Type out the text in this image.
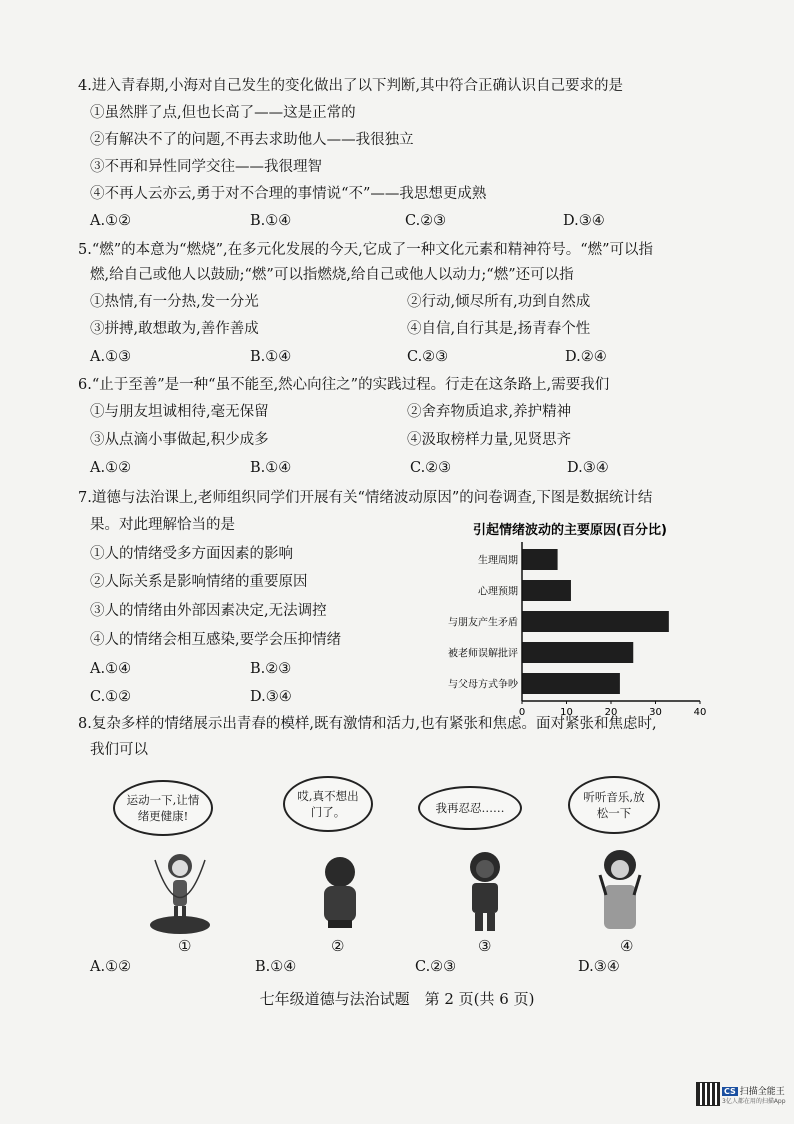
4.进入青春期,小海对自己发生的变化做出了以下判断,其中符合正确认识自己要求的是
①虽然胖了点,但也长高了——这是正常的
②有解决不了的问题,不再去求助他人——我很独立
③不再和异性同学交往——我很理智
④不再人云亦云,勇于对不合理的事情说“不”——我思想更成熟
A.①②	B.①④	C.②③	D.③④
5.“燃”的本意为“燃烧”,在多元化发展的今天,它成了一种文化元素和精神符号。“燃”可以指
燃,给自己或他人以鼓励;“燃”可以指燃烧,给自己或他人以动力;“燃”还可以指
①热情,有一分热,发一分光	②行动,倾尽所有,功到自然成
③拼搏,敢想敢为,善作善成	④自信,自行其是,扬青春个性
A.①③	B.①④	C.②③	D.②④
6.“止于至善”是一种“虽不能至,然心向往之”的实践过程。行走在这条路上,需要我们
①与朋友坦诚相待,毫无保留	②舍弃物质追求,养护精神
③从点滴小事做起,积少成多	④汲取榜样力量,见贤思齐
A.①②	B.①④	C.②③	D.③④
7.道德与法治课上,老师组织同学们开展有关“情绪波动原因”的问卷调查,下图是数据统计结
果。对此理解恰当的是
①人的情绪受多方面因素的影响
②人际关系是影响情绪的重要原因
③人的情绪由外部因素决定,无法调控
④人的情绪会相互感染,要学会压抑情绪
A.①④	B.②③
C.①②	D.③④
引起情绪波动的主要原因(百分比)
生理周期
心理预期
与朋友产生矛盾
被老师误解批评
与父母方式争吵
0	10	20	30	40
8.复杂多样的情绪展示出青春的模样,既有激情和活力,也有紧张和焦虑。面对紧张和焦虑时,
我们可以
运动一下,让情绪更健康!
哎,真不想出门了。	我再忍忍……
听听音乐,放松一下
①	②	③	④
A.①②	B.①④	C.②③	D.③④
七年级道德与法治试题　第 2 页(共 6 页)
CS 扫描全能王
3亿人都在用的扫描App
